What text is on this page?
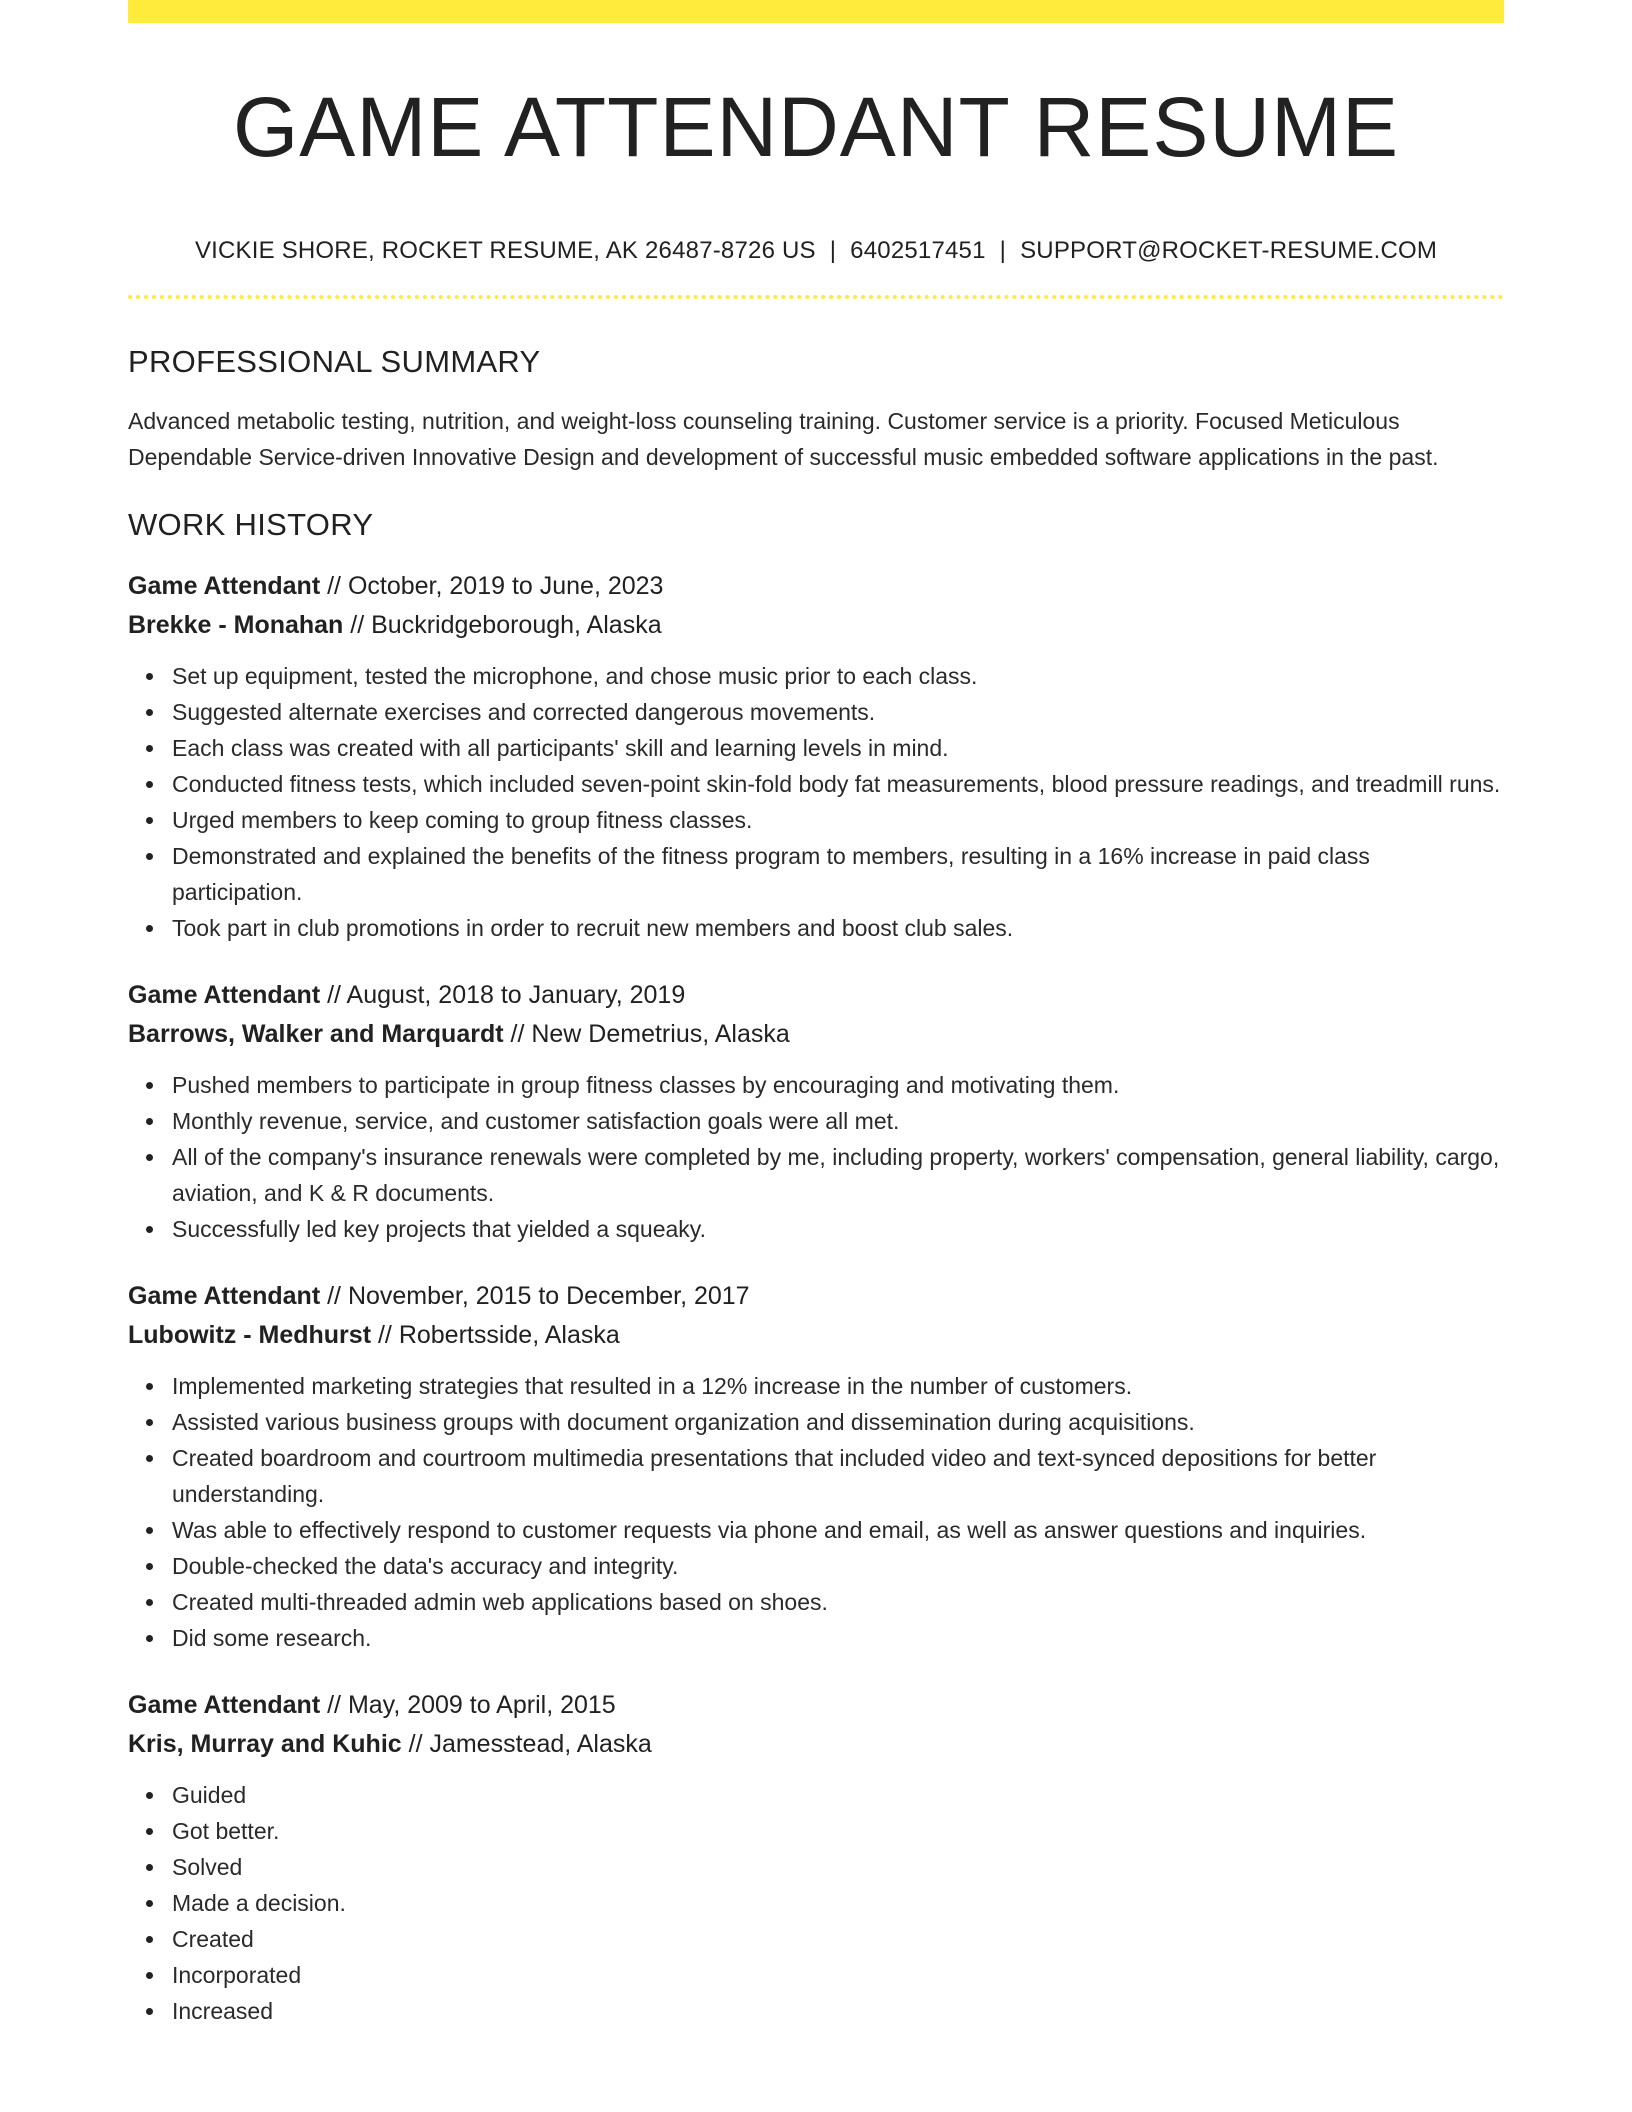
GAME ATTENDANT RESUME
VICKIE SHORE, ROCKET RESUME, AK 26487-8726 US | 6402517451 | SUPPORT@ROCKET-RESUME.COM
PROFESSIONAL SUMMARY

Advanced metabolic testing, nutrition, and weight-loss counseling training. Customer service is a priority. Focused Meticulous Dependable Service-driven Innovative Design and development of successful music embedded software applications in the past.

WORK HISTORY
Game Attendant // October, 2019 to June, 2023
Brekke - Monahan // Buckridgeborough, Alaska
Set up equipment, tested the microphone, and chose music prior to each class.
Suggested alternate exercises and corrected dangerous movements.
Each class was created with all participants' skill and learning levels in mind.
Conducted fitness tests, which included seven-point skin-fold body fat measurements, blood pressure readings, and treadmill runs.
Urged members to keep coming to group fitness classes.
Demonstrated and explained the benefits of the fitness program to members, resulting in a 16% increase in paid class participation.
Took part in club promotions in order to recruit new members and boost club sales.
Game Attendant // August, 2018 to January, 2019
Barrows, Walker and Marquardt // New Demetrius, Alaska
Pushed members to participate in group fitness classes by encouraging and motivating them.
Monthly revenue, service, and customer satisfaction goals were all met.
All of the company's insurance renewals were completed by me, including property, workers' compensation, general liability, cargo, aviation, and K & R documents.
Successfully led key projects that yielded a squeaky.
Game Attendant // November, 2015 to December, 2017
Lubowitz - Medhurst // Robertsside, Alaska
Implemented marketing strategies that resulted in a 12% increase in the number of customers.
Assisted various business groups with document organization and dissemination during acquisitions.
Created boardroom and courtroom multimedia presentations that included video and text-synced depositions for better understanding.
Was able to effectively respond to customer requests via phone and email, as well as answer questions and inquiries.
Double-checked the data's accuracy and integrity.
Created multi-threaded admin web applications based on shoes.
Did some research.
Game Attendant // May, 2009 to April, 2015
Kris, Murray and Kuhic // Jamesstead, Alaska
Guided
Got better.
Solved
Made a decision.
Created
Incorporated
Increased
